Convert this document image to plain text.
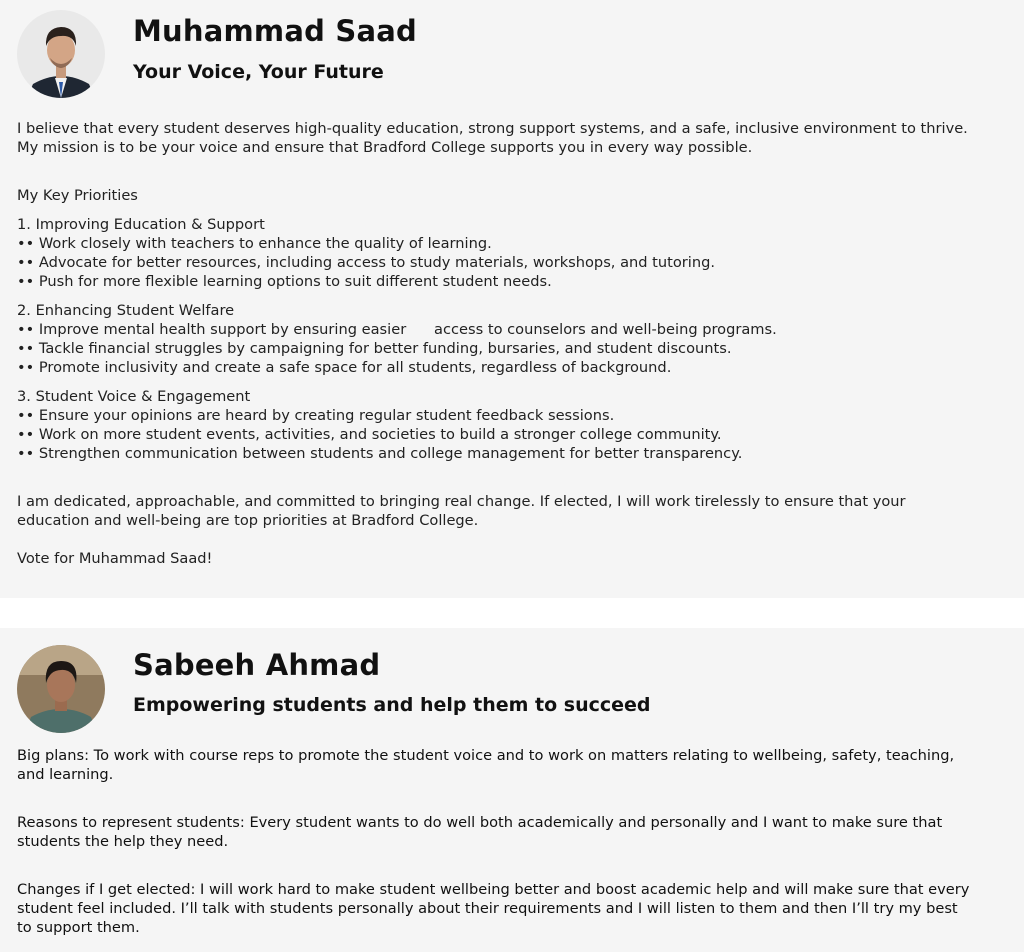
Muhammad Saad
Your Voice, Your Future

I believe that every student deserves high-quality education, strong support systems, and a safe, inclusive environment to thrive.

My mission is to be your voice and ensure that Bradford College supports you in every way possible.

My Key Priorities

1. Improving Education & Support

•• Work closely with teachers to enhance the quality of learning.

•• Advocate for better resources, including access to study materials, workshops, and tutoring.

•• Push for more flexible learning options to suit different student needs.

2. Enhancing Student Welfare

•• Improve mental health support by ensuring easier      access to counselors and well-being programs.

•• Tackle financial struggles by campaigning for better funding, bursaries, and student discounts.

•• Promote inclusivity and create a safe space for all students, regardless of background.

3. Student Voice & Engagement

•• Ensure your opinions are heard by creating regular student feedback sessions.

•• Work on more student events, activities, and societies to build a stronger college community.

•• Strengthen communication between students and college management for better transparency.

I am dedicated, approachable, and committed to bringing real change. If elected, I will work tirelessly to ensure that your

education and well-being are top priorities at Bradford College.

Vote for Muhammad Saad!

Sabeeh Ahmad
Empowering students and help them to succeed

Big plans: To work with course reps to promote the student voice and to work on matters relating to wellbeing, safety, teaching,

and learning.

Reasons to represent students: Every student wants to do well both academically and personally and I want to make sure that

students the help they need.

Changes if I get elected: I will work hard to make student wellbeing better and boost academic help and will make sure that every

student feel included. I’ll talk with students personally about their requirements and I will listen to them and then I’ll try my best

to support them.
